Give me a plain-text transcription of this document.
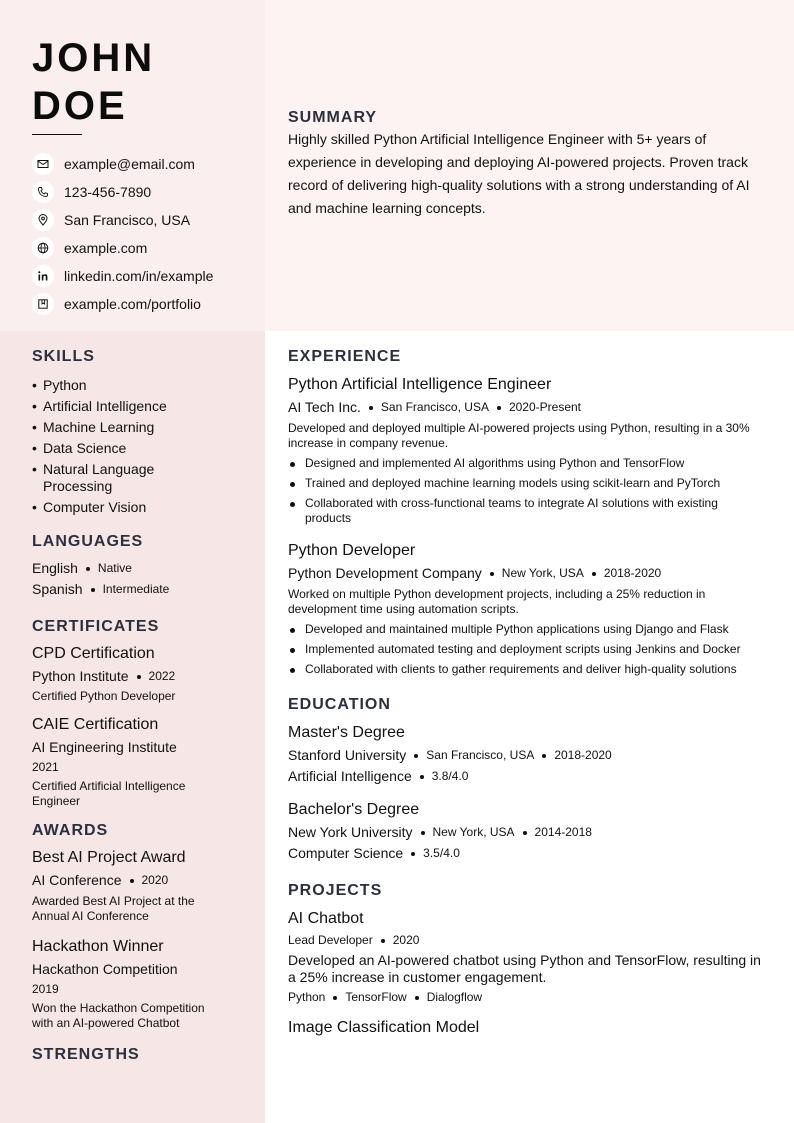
JOHN
DOE
example@email.com
123-456-7890
San Francisco, USA
example.com
linkedin.com/in/example
example.com/portfolio
SUMMARY
Highly skilled Python Artificial Intelligence Engineer with 5+ years of experience in developing and deploying AI-powered projects. Proven track record of delivering high-quality solutions with a strong understanding of AI and machine learning concepts.
SKILLS
• Python
• Artificial Intelligence
• Machine Learning
• Data Science
• Natural Language Processing
• Computer Vision
LANGUAGES
English Native
Spanish Intermediate
CERTIFICATES
CPD Certification
Python Institute 2022
Certified Python Developer
CAIE Certification
AI Engineering Institute
2021
Certified Artificial Intelligence Engineer
AWARDS
Best AI Project Award
AI Conference 2020
Awarded Best AI Project at the Annual AI Conference
Hackathon Winner
Hackathon Competition
2019
Won the Hackathon Competition with an AI-powered Chatbot
STRENGTHS
EXPERIENCE
Python Artificial Intelligence Engineer
AI Tech Inc. San Francisco, USA 2020-Present
Developed and deployed multiple AI-powered projects using Python, resulting in a 30% increase in company revenue.
Designed and implemented AI algorithms using Python and TensorFlow
Trained and deployed machine learning models using scikit-learn and PyTorch
Collaborated with cross-functional teams to integrate AI solutions with existing products
Python Developer
Python Development Company New York, USA 2018-2020
Worked on multiple Python development projects, including a 25% reduction in development time using automation scripts.
Developed and maintained multiple Python applications using Django and Flask
Implemented automated testing and deployment scripts using Jenkins and Docker
Collaborated with clients to gather requirements and deliver high-quality solutions
EDUCATION
Master's Degree
Stanford University San Francisco, USA 2018-2020
Artificial Intelligence 3.8/4.0
Bachelor's Degree
New York University New York, USA 2014-2018
Computer Science 3.5/4.0
PROJECTS
AI Chatbot
Lead Developer 2020
Developed an AI-powered chatbot using Python and TensorFlow, resulting in a 25% increase in customer engagement.
Python TensorFlow Dialogflow
Image Classification Model
